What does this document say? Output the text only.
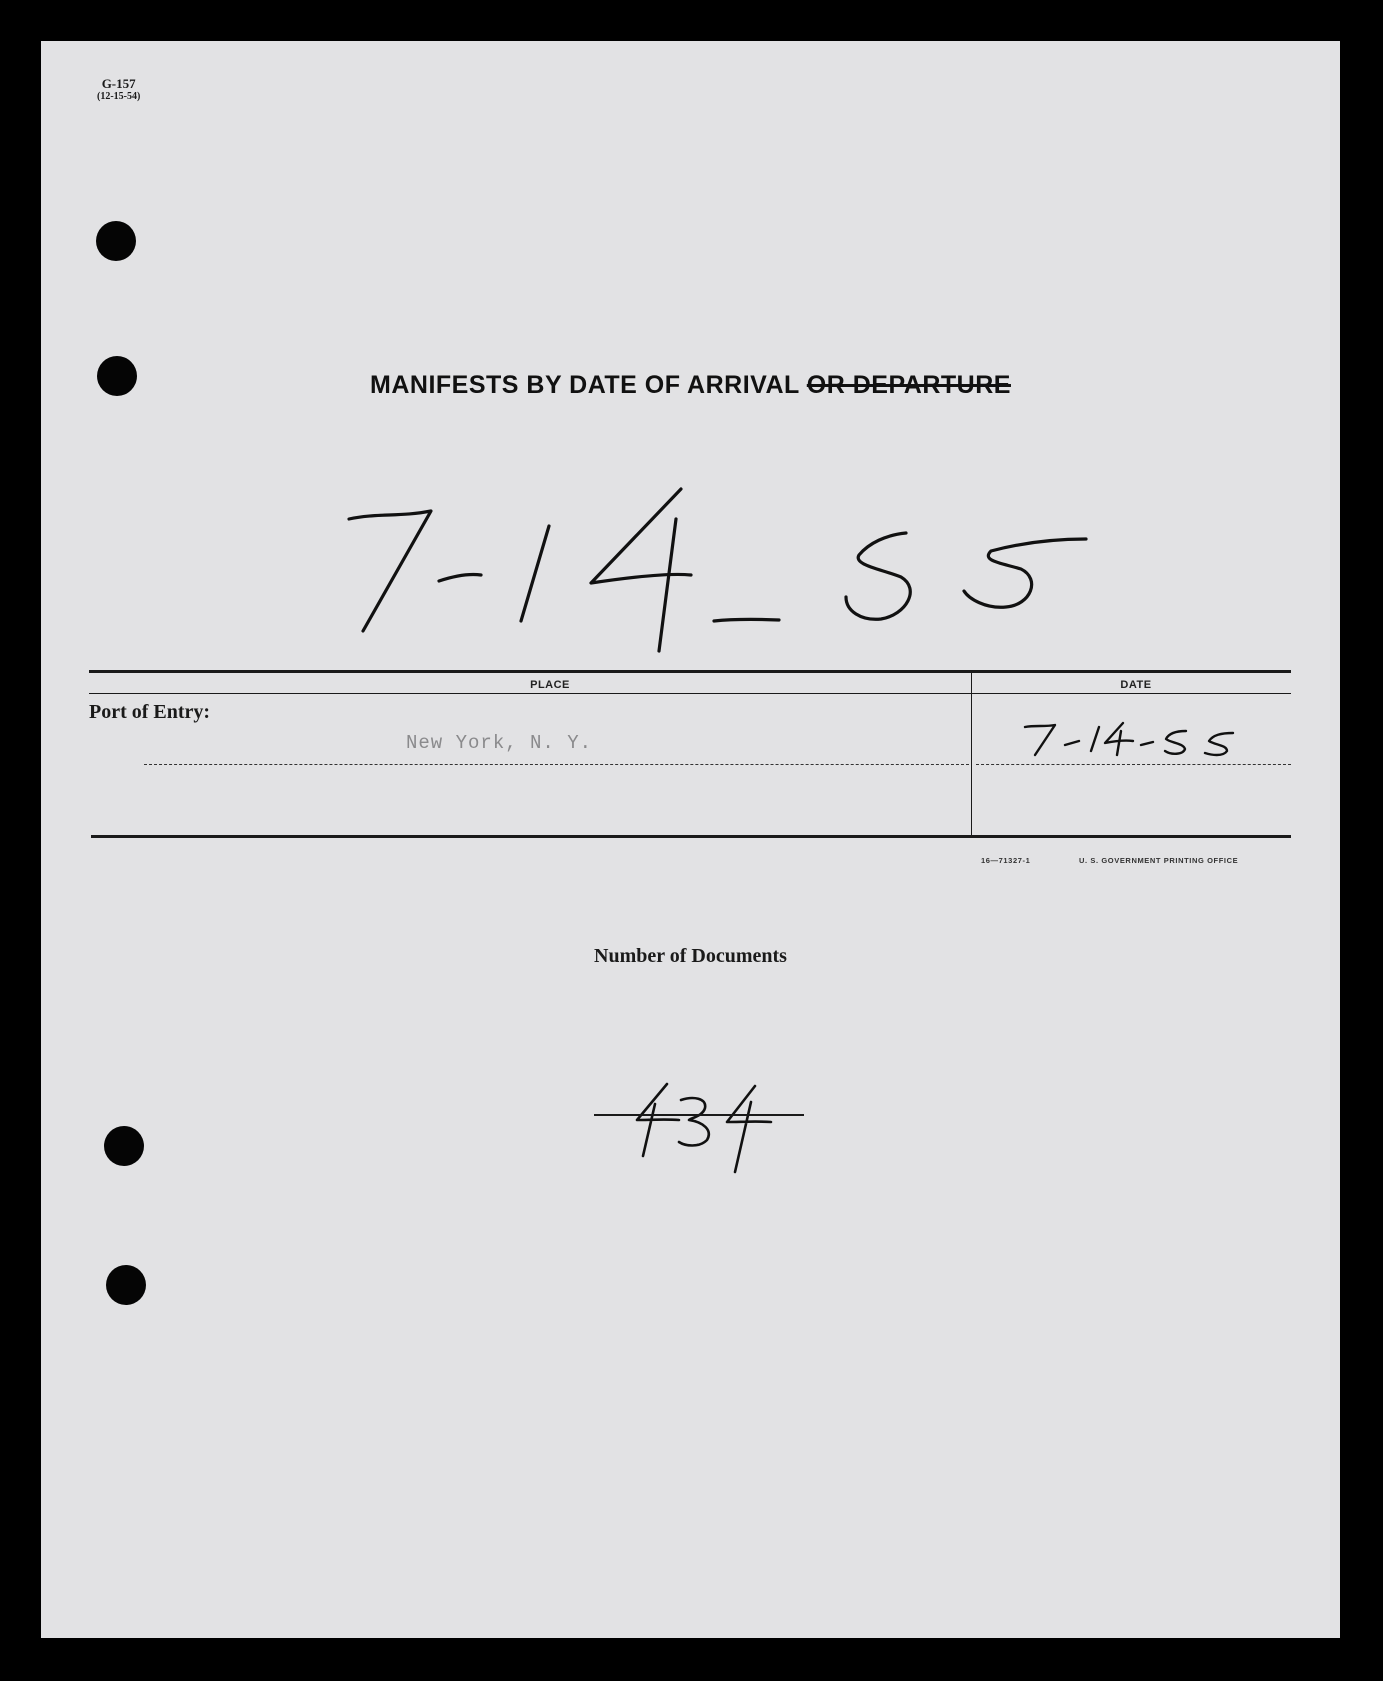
G-157
(12-15-54)
MANIFESTS BY DATE OF ARRIVAL OR DEPARTURE
PLACE	DATE
Port of Entry:
New York, N. Y.
16—71327-1	U. S. GOVERNMENT PRINTING OFFICE
Number of Documents
